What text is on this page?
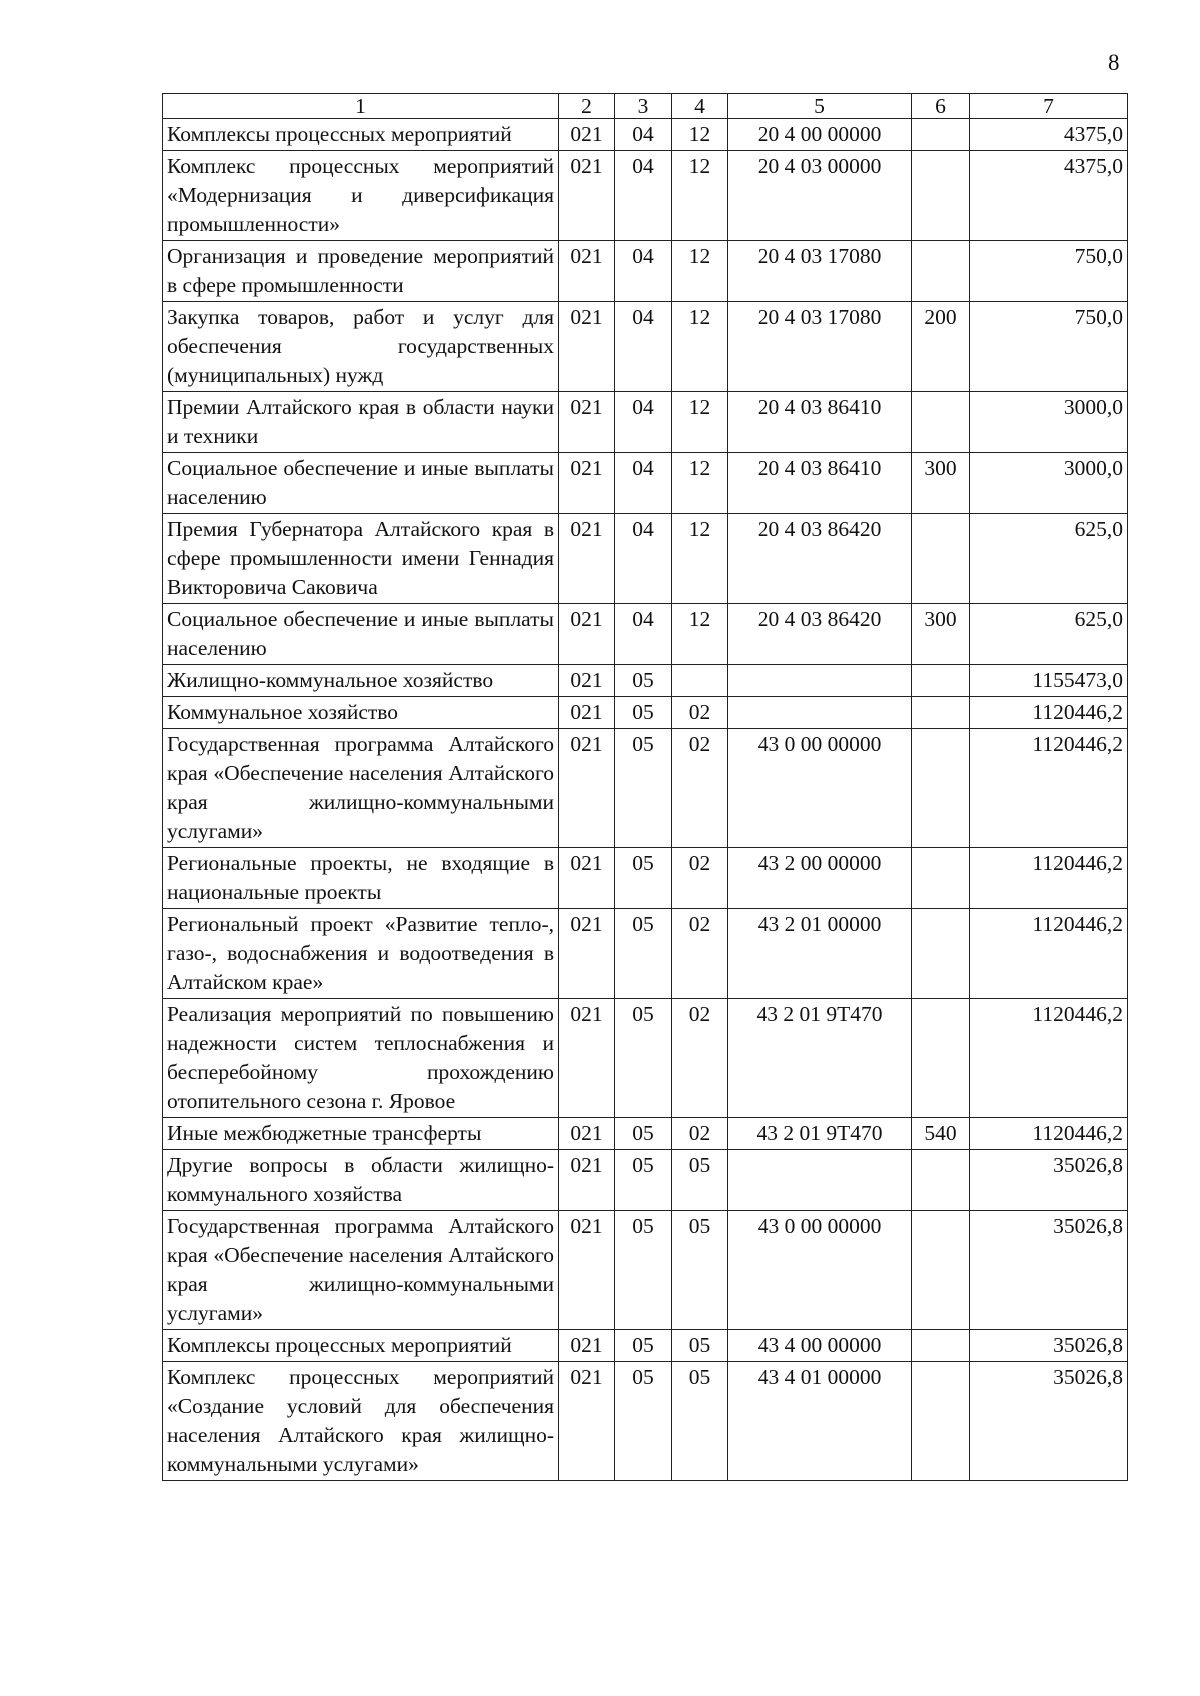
8
1	2	3	4	5	6	7
Комплексы процессных мероприятий	021	04	12	20 4 00 00000		4375,0
Комплекс процессных мероприятий «Модернизация и диверсификация промышленности»	021	04	12	20 4 03 00000		4375,0
Организация и проведение мероприятий в сфере промышленности	021	04	12	20 4 03 17080		750,0
Закупка товаров, работ и услуг для обеспечения государственных (муниципальных) нужд	021	04	12	20 4 03 17080	200	750,0
Премии Алтайского края в области науки и техники	021	04	12	20 4 03 86410		3000,0
Социальное обеспечение и иные выплаты населению	021	04	12	20 4 03 86410	300	3000,0
Премия Губернатора Алтайского края в сфере промышленности имени Геннадия Викторовича Саковича	021	04	12	20 4 03 86420		625,0
Социальное обеспечение и иные выплаты населению	021	04	12	20 4 03 86420	300	625,0
Жилищно-коммунальное хозяйство	021	05				1155473,0
Коммунальное хозяйство	021	05	02			1120446,2
Государственная программа Алтайского края «Обеспечение населения Алтайского края жилищно-коммунальными услугами»	021	05	02	43 0 00 00000		1120446,2
Региональные проекты, не входящие в национальные проекты	021	05	02	43 2 00 00000		1120446,2
Региональный проект «Развитие тепло-, газо-, водоснабжения и водоотведения в Алтайском крае»	021	05	02	43 2 01 00000		1120446,2
Реализация мероприятий по повышению надежности систем теплоснабжения и бесперебойному прохождению отопительного сезона г. Яровое	021	05	02	43 2 01 9Т470		1120446,2
Иные межбюджетные трансферты	021	05	02	43 2 01 9Т470	540	1120446,2
Другие вопросы в области жилищно-коммунального хозяйства	021	05	05			35026,8
Государственная программа Алтайского края «Обеспечение населения Алтайского края жилищно-коммунальными услугами»	021	05	05	43 0 00 00000		35026,8
Комплексы процессных мероприятий	021	05	05	43 4 00 00000		35026,8
Комплекс процессных мероприятий «Создание условий для обеспечения населения Алтайского края жилищно-коммунальными услугами»	021	05	05	43 4 01 00000		35026,8
